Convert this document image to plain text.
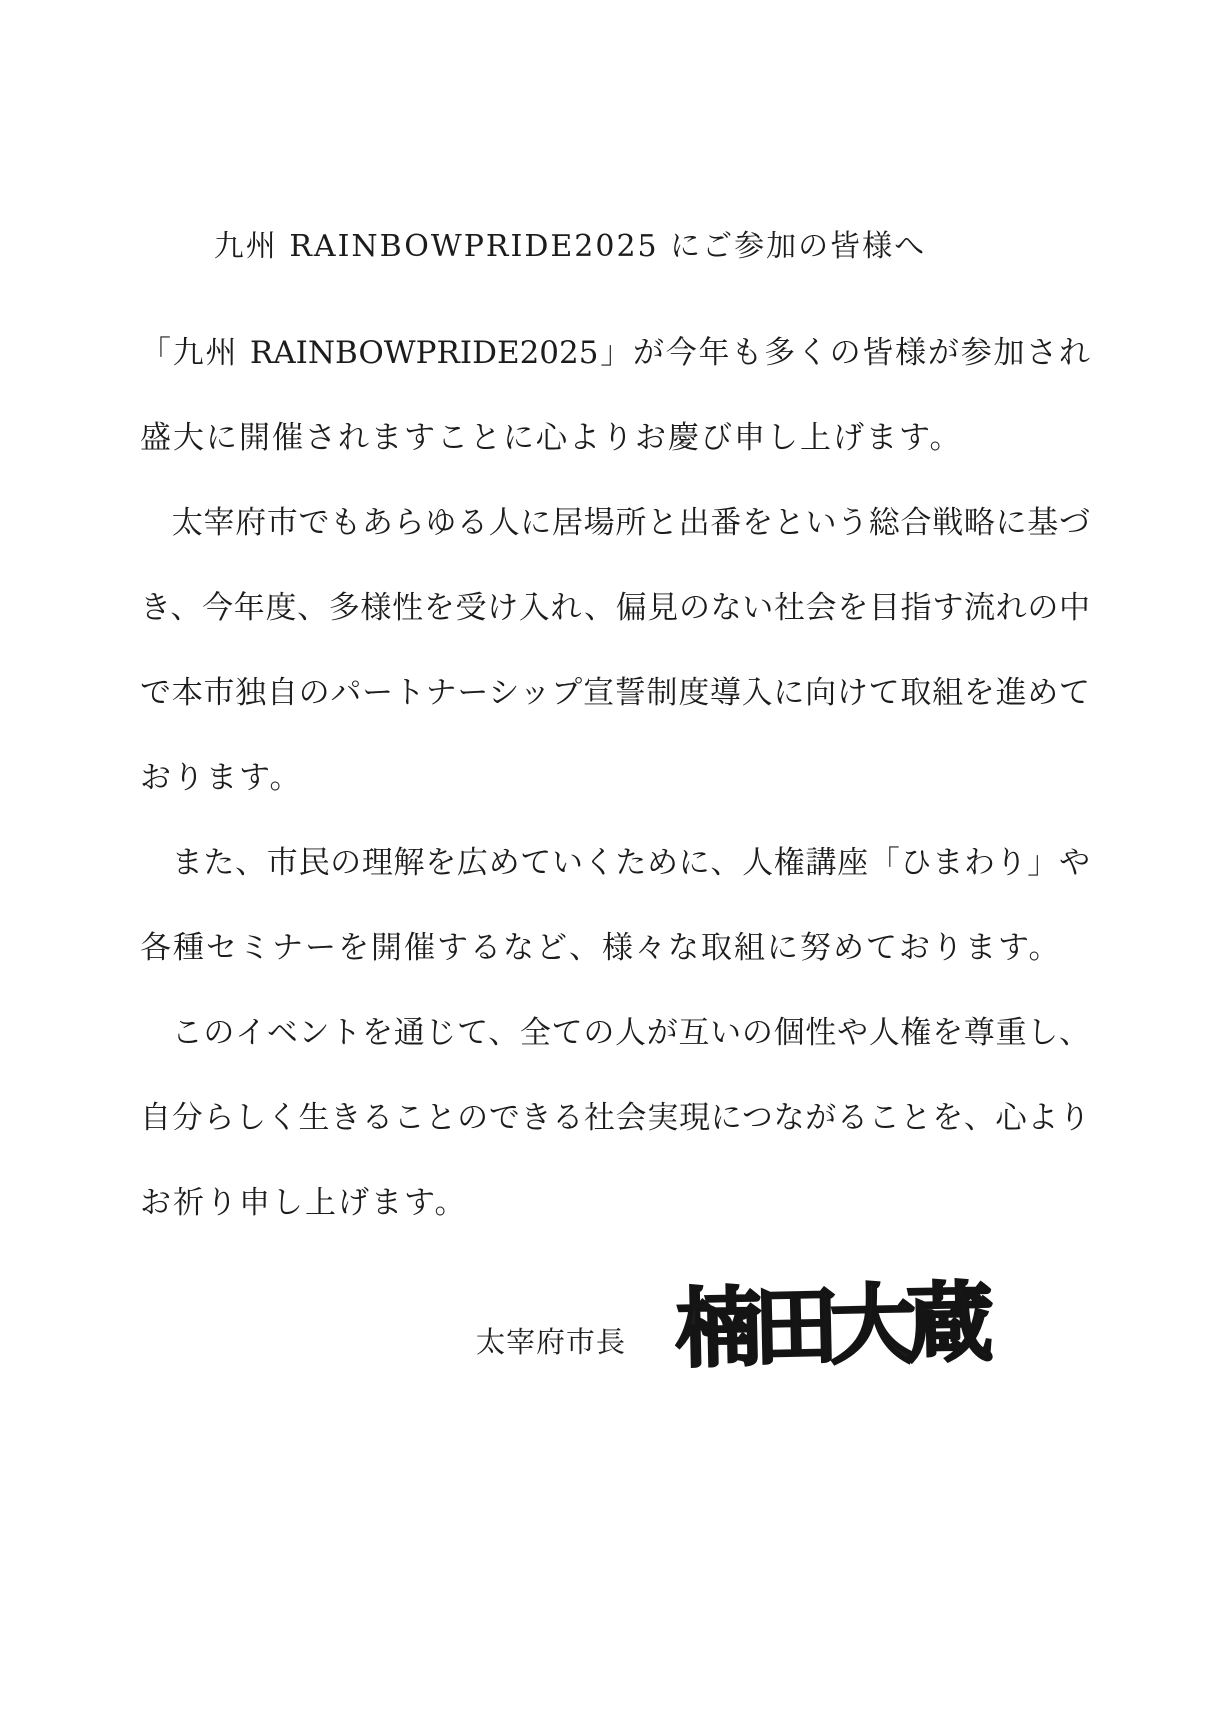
九州 RAINBOWPRIDE2025 にご参加の皆様へ
「九州 RAINBOWPRIDE2025」が今年も多くの皆様が参加され
盛大に開催されますことに心よりお慶び申し上げます。
　太宰府市でもあらゆる人に居場所と出番をという総合戦略に基づ
き、今年度、多様性を受け入れ、偏見のない社会を目指す流れの中
で本市独自のパートナーシップ宣誓制度導入に向けて取組を進めて
おります。
　また、市民の理解を広めていくために、人権講座「ひまわり」や
各種セミナーを開催するなど、様々な取組に努めております。
　このイベントを通じて、全ての人が互いの個性や人権を尊重し、
自分らしく生きることのできる社会実現につながることを、心より
お祈り申し上げます。
太宰府市長 楠田大蔵
